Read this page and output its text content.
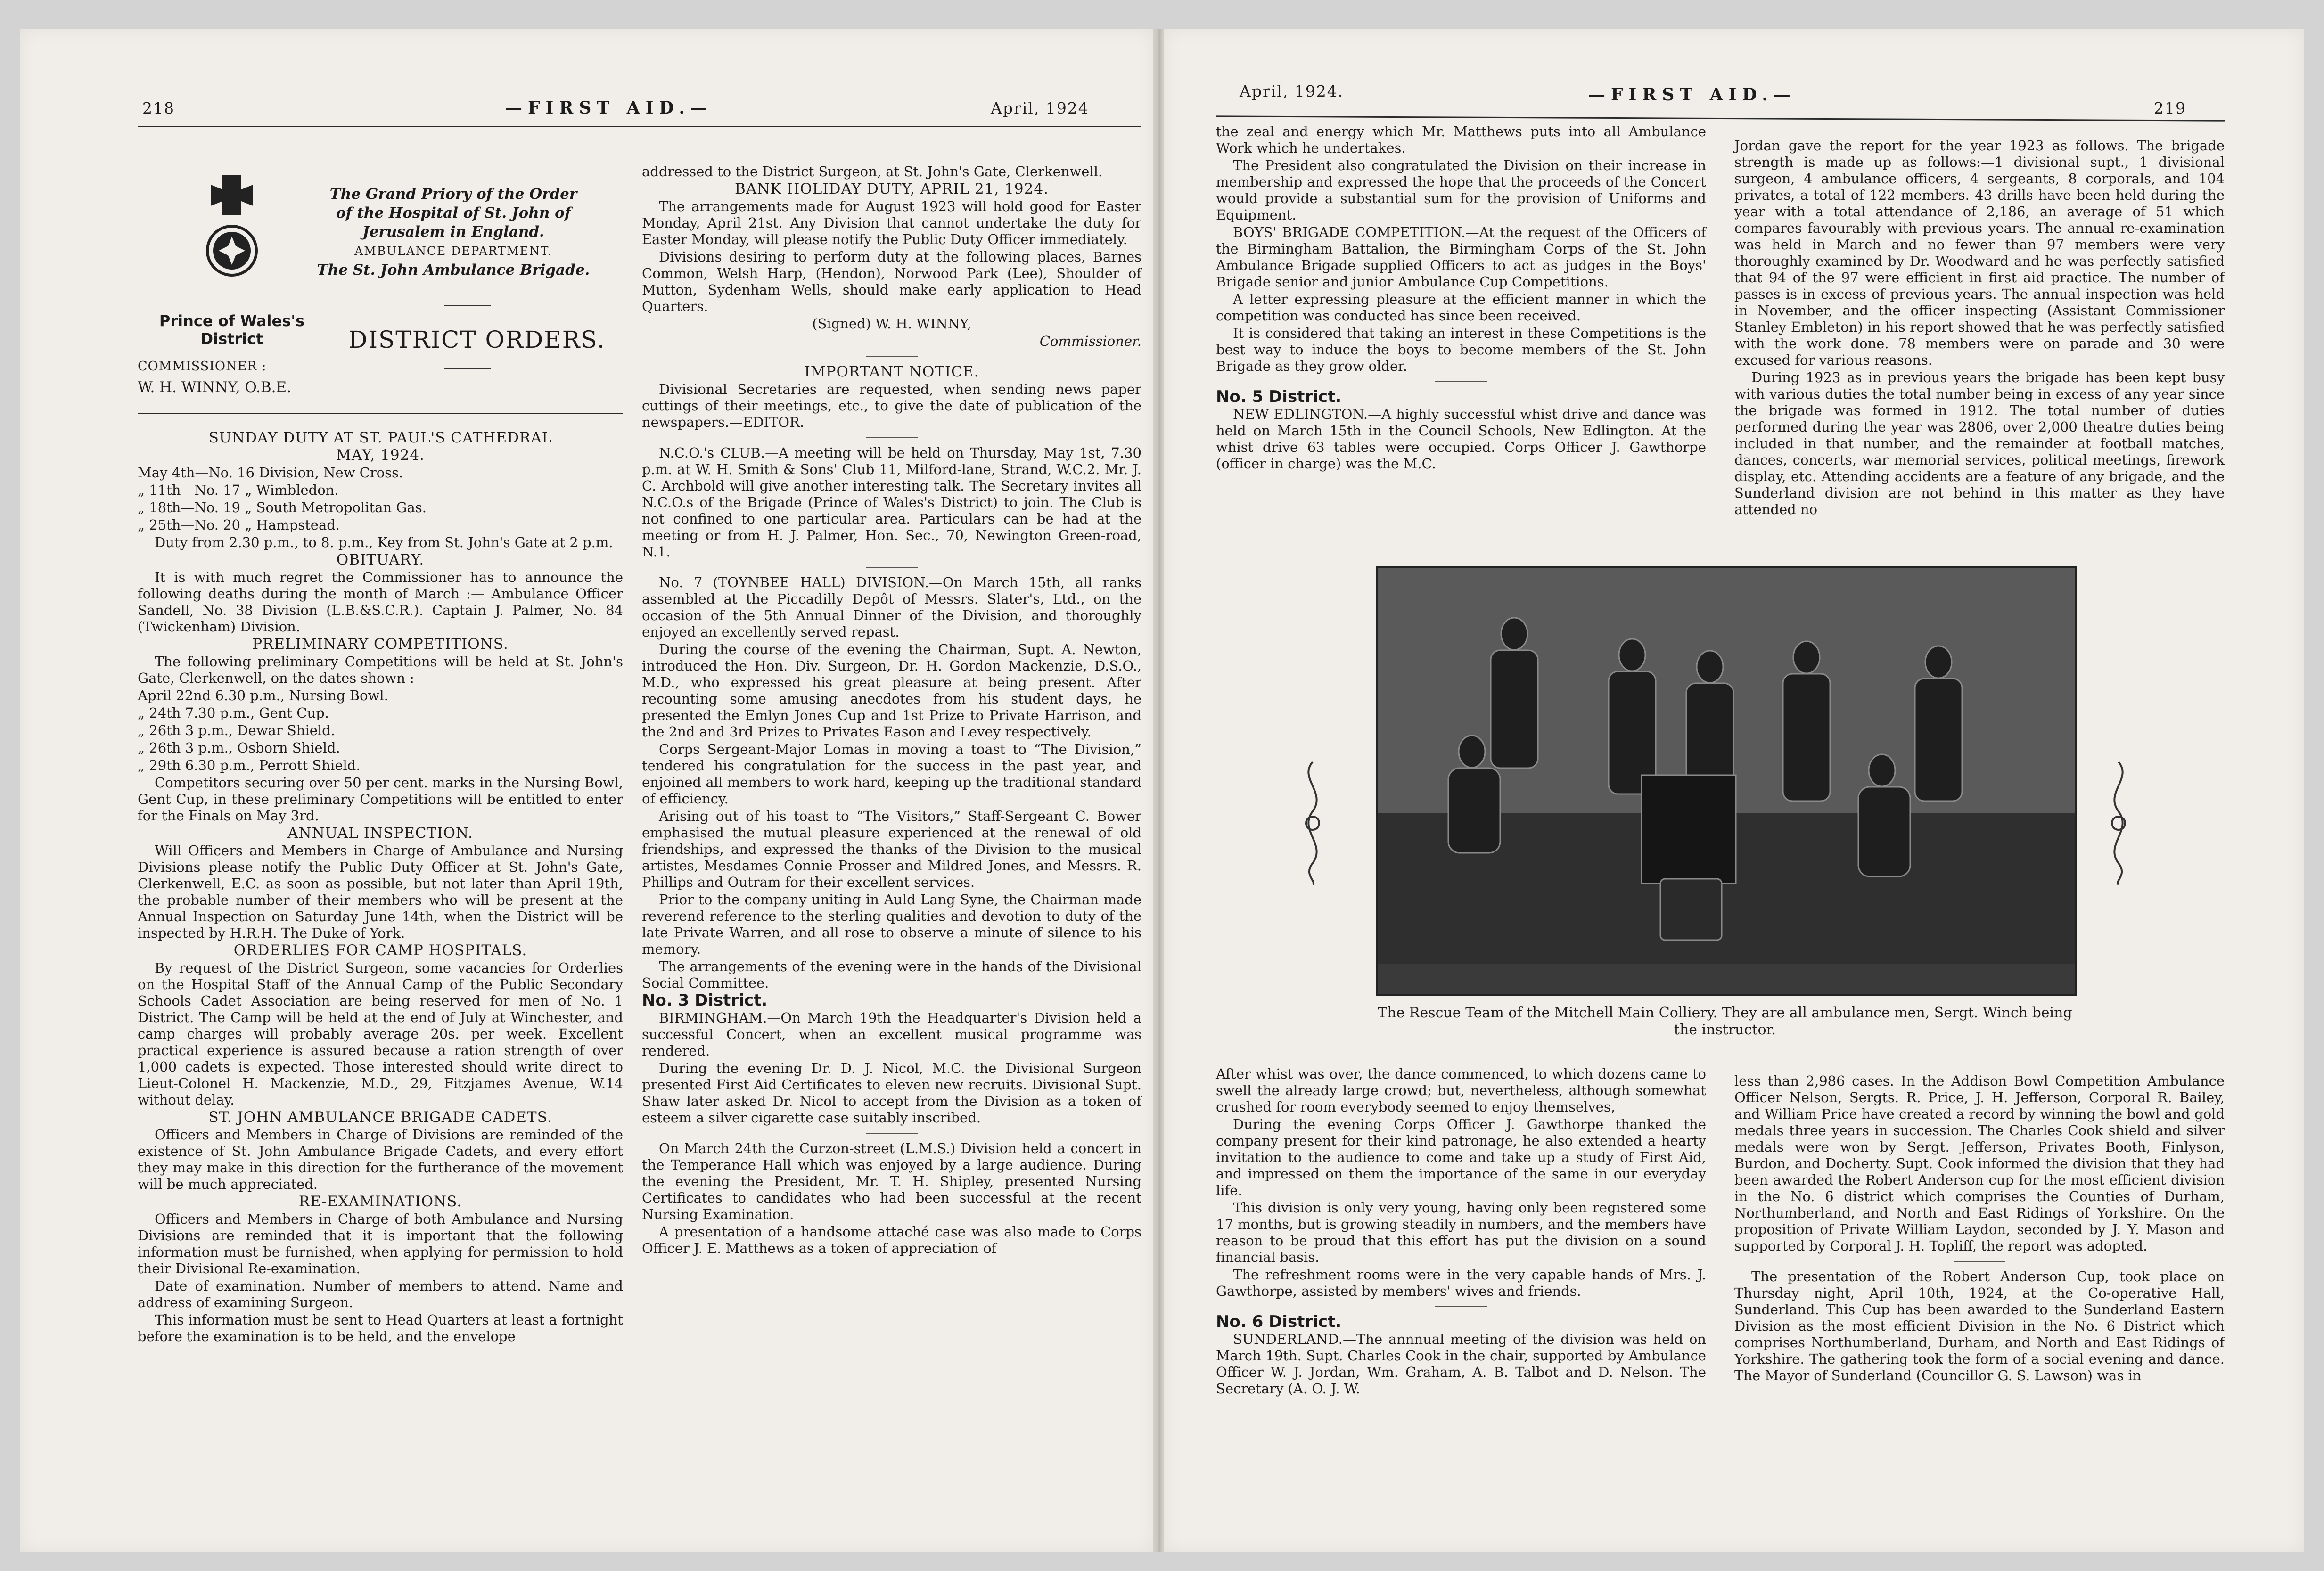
218	—FIRST AID.—	April, 1924
The Grand Priory of the Order
of the Hospital of St. John of
Jerusalem in England.
AMBULANCE DEPARTMENT.
The St. John Ambulance Brigade.
Prince of Wales's District	DISTRICT ORDERS.
COMMISSIONER :
W. H. WINNY, O.B.E.

SUNDAY DUTY AT ST. PAUL'S CATHEDRAL

MAY, 1924.

May 4th—No. 16 Division, New Cross.

„ 11th—No. 17 „ Wimbledon.

„ 18th—No. 19 „ South Metropolitan Gas.

„ 25th—No. 20 „ Hampstead.

Duty from 2.30 p.m., to 8. p.m., Key from St. John's Gate at 2 p.m.

OBITUARY.

It is with much regret the Commissioner has to announce the following deaths during the month of March :— Ambulance Officer Sandell, No. 38 Division (L.B.&S.C.R.). Captain J. Palmer, No. 84 (Twickenham) Division.

PRELIMINARY COMPETITIONS.

The following preliminary Competitions will be held at St. John's Gate, Clerkenwell, on the dates shown :—

April 22nd 6.30 p.m., Nursing Bowl.

„ 24th 7.30 p.m., Gent Cup.

„ 26th 3 p.m., Dewar Shield.

„ 26th 3 p.m., Osborn Shield.

„ 29th 6.30 p.m., Perrott Shield.

Competitors securing over 50 per cent. marks in the Nursing Bowl, Gent Cup, in these preliminary Competitions will be entitled to enter for the Finals on May 3rd.

ANNUAL INSPECTION.

Will Officers and Members in Charge of Ambulance and Nursing Divisions please notify the Public Duty Officer at St. John's Gate, Clerkenwell, E.C. as soon as possible, but not later than April 19th, the probable number of their members who will be present at the Annual Inspection on Saturday June 14th, when the District will be inspected by H.R.H. The Duke of York.

ORDERLIES FOR CAMP HOSPITALS.

By request of the District Surgeon, some vacancies for Orderlies on the Hospital Staff of the Annual Camp of the Public Secondary Schools Cadet Association are being reserved for men of No. 1 District. The Camp will be held at the end of July at Winchester, and camp charges will probably average 20s. per week. Excellent practical experience is assured because a ration strength of over 1,000 cadets is expected. Those interested should write direct to Lieut-Colonel H. Mackenzie, M.D., 29, Fitzjames Avenue, W.14 without delay.

ST. JOHN AMBULANCE BRIGADE CADETS.

Officers and Members in Charge of Divisions are reminded of the existence of St. John Ambulance Brigade Cadets, and every effort they may make in this direction for the furtherance of the movement will be much appreciated.

RE-EXAMINATIONS.

Officers and Members in Charge of both Ambulance and Nursing Divisions are reminded that it is important that the following information must be furnished, when applying for permission to hold their Divisional Re-examination.

Date of examination. Number of members to attend. Name and address of examining Surgeon.

This information must be sent to Head Quarters at least a fortnight before the examination is to be held, and the envelope

addressed to the District Surgeon, at St. John's Gate, Clerkenwell.

BANK HOLIDAY DUTY, APRIL 21, 1924.

The arrangements made for August 1923 will hold good for Easter Monday, April 21st. Any Division that cannot undertake the duty for Easter Monday, will please notify the Public Duty Officer immediately.

Divisions desiring to perform duty at the following places, Barnes Common, Welsh Harp, (Hendon), Norwood Park (Lee), Shoulder of Mutton, Sydenham Wells, should make early application to Head Quarters.

(Signed) W. H. WINNY,

Commissioner.

IMPORTANT NOTICE.

Divisional Secretaries are requested, when sending news paper cuttings of their meetings, etc., to give the date of publication of the newspapers.—EDITOR.

N.C.O.'s CLUB.—A meeting will be held on Thursday, May 1st, 7.30 p.m. at W. H. Smith & Sons' Club 11, Milford-lane, Strand, W.C.2. Mr. J. C. Archbold will give another interesting talk. The Secretary invites all N.C.O.s of the Brigade (Prince of Wales's District) to join. The Club is not confined to one particular area. Particulars can be had at the meeting or from H. J. Palmer, Hon. Sec., 70, Newington Green-road, N.1.

No. 7 (TOYNBEE HALL) DIVISION.—On March 15th, all ranks assembled at the Piccadilly Depôt of Messrs. Slater's, Ltd., on the occasion of the 5th Annual Dinner of the Division, and thoroughly enjoyed an excellently served repast.

During the course of the evening the Chairman, Supt. A. Newton, introduced the Hon. Div. Surgeon, Dr. H. Gordon Mackenzie, D.S.O., M.D., who expressed his great pleasure at being present. After recounting some amusing anecdotes from his student days, he presented the Emlyn Jones Cup and 1st Prize to Private Harrison, and the 2nd and 3rd Prizes to Privates Eason and Levey respectively.

Corps Sergeant-Major Lomas in moving a toast to “The Division,” tendered his congratulation for the success in the past year, and enjoined all members to work hard, keeping up the traditional standard of efficiency.

Arising out of his toast to “The Visitors,” Staff-Sergeant C. Bower emphasised the mutual pleasure experienced at the renewal of old friendships, and expressed the thanks of the Division to the musical artistes, Mesdames Connie Prosser and Mildred Jones, and Messrs. R. Phillips and Outram for their excellent services.

Prior to the company uniting in Auld Lang Syne, the Chairman made reverend reference to the sterling qualities and devotion to duty of the late Private Warren, and all rose to observe a minute of silence to his memory.

The arrangements of the evening were in the hands of the Divisional Social Committee.

No. 3 District.

BIRMINGHAM.—On March 19th the Headquarter's Division held a successful Concert, when an excellent musical programme was rendered.

During the evening Dr. D. J. Nicol, M.C. the Divisional Surgeon presented First Aid Certificates to eleven new recruits. Divisional Supt. Shaw later asked Dr. Nicol to accept from the Division as a token of esteem a silver cigarette case suitably inscribed.

On March 24th the Curzon-street (L.M.S.) Division held a concert in the Temperance Hall which was enjoyed by a large audience. During the evening the President, Mr. T. H. Shipley, presented Nursing Certificates to candidates who had been successful at the recent Nursing Examination.

A presentation of a handsome attaché case was also made to Corps Officer J. E. Matthews as a token of appreciation of

April, 1924.	—FIRST AID.—
219

the zeal and energy which Mr. Matthews puts into all Ambulance Work which he undertakes.

The President also congratulated the Division on their increase in membership and expressed the hope that the proceeds of the Concert would provide a substantial sum for the provision of Uniforms and Equipment.

BOYS' BRIGADE COMPETITION.—At the request of the Officers of the Birmingham Battalion, the Birmingham Corps of the St. John Ambulance Brigade supplied Officers to act as judges in the Boys' Brigade senior and junior Ambulance Cup Competitions.

A letter expressing pleasure at the efficient manner in which the competition was conducted has since been received.

It is considered that taking an interest in these Competitions is the best way to induce the boys to become members of the St. John Brigade as they grow older.

No. 5 District.

NEW EDLINGTON.—A highly successful whist drive and dance was held on March 15th in the Council Schools, New Edlington. At the whist drive 63 tables were occupied. Corps Officer J. Gawthorpe (officer in charge) was the M.C.

Jordan gave the report for the year 1923 as follows. The brigade strength is made up as follows:—1 divisional supt., 1 divisional surgeon, 4 ambulance officers, 4 sergeants, 8 corporals, and 104 privates, a total of 122 members. 43 drills have been held during the year with a total attendance of 2,186, an average of 51 which compares favourably with previous years. The annual re-examination was held in March and no fewer than 97 members were very thoroughly examined by Dr. Woodward and he was perfectly satisfied that 94 of the 97 were efficient in first aid practice. The number of passes is in excess of previous years. The annual inspection was held in November, and the officer inspecting (Assistant Commissioner Stanley Embleton) in his report showed that he was perfectly satisfied with the work done. 78 members were on parade and 30 were excused for various reasons.

During 1923 as in previous years the brigade has been kept busy with various duties the total number being in excess of any year since the brigade was formed in 1912. The total number of duties performed during the year was 2806, over 2,000 theatre duties being included in that number, and the remainder at football matches, dances, concerts, war memorial services, political meetings, firework display, etc. Attending accidents are a feature of any brigade, and the Sunderland division are not behind in this matter as they have attended no

The Rescue Team of the Mitchell Main Colliery. They are all ambulance men, Sergt. Winch being the instructor.

After whist was over, the dance commenced, to which dozens came to swell the already large crowd; but, nevertheless, although somewhat crushed for room everybody seemed to enjoy themselves,

During the evening Corps Officer J. Gawthorpe thanked the company present for their kind patronage, he also extended a hearty invitation to the audience to come and take up a study of First Aid, and impressed on them the importance of the same in our everyday life.

This division is only very young, having only been registered some 17 months, but is growing steadily in numbers, and the members have reason to be proud that this effort has put the division on a sound financial basis.

The refreshment rooms were in the very capable hands of Mrs. J. Gawthorpe, assisted by members' wives and friends.

No. 6 District.

SUNDERLAND.—The annnual meeting of the division was held on March 19th. Supt. Charles Cook in the chair, supported by Ambulance Officer W. J. Jordan, Wm. Graham, A. B. Talbot and D. Nelson. The Secretary (A. O. J. W.

less than 2,986 cases. In the Addison Bowl Competition Ambulance Officer Nelson, Sergts. R. Price, J. H. Jefferson, Corporal R. Bailey, and William Price have created a record by winning the bowl and gold medals three years in succession. The Charles Cook shield and silver medals were won by Sergt. Jefferson, Privates Booth, Finlyson, Burdon, and Docherty. Supt. Cook informed the division that they had been awarded the Robert Anderson cup for the most efficient division in the No. 6 district which comprises the Counties of Durham, Northumberland, and North and East Ridings of Yorkshire. On the proposition of Private William Laydon, seconded by J. Y. Mason and supported by Corporal J. H. Topliff, the report was adopted.

The presentation of the Robert Anderson Cup, took place on Thursday night, April 10th, 1924, at the Co-operative Hall, Sunderland. This Cup has been awarded to the Sunderland Eastern Division as the most efficient Division in the No. 6 District which comprises Northumberland, Durham, and North and East Ridings of Yorkshire. The gathering took the form of a social evening and dance. The Mayor of Sunderland (Councillor G. S. Lawson) was in
